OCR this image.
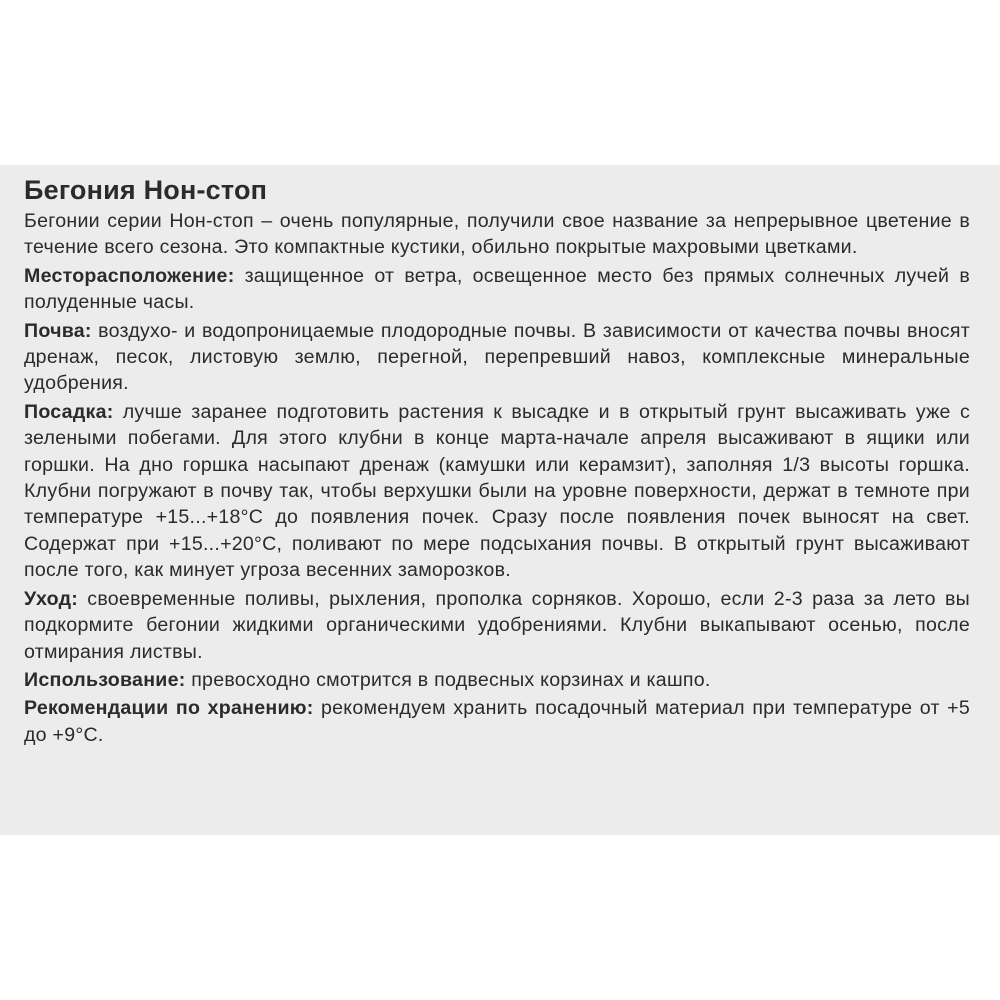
Бегония Нон-стоп
Бегонии серии Нон-стоп – очень популярные, получили свое название за непрерывное цветение в течение всего сезона. Это компактные кустики, обильно покрытые махровыми цветками.
Месторасположение: защищенное от ветра, освещенное место без прямых солнечных лучей в полуденные часы.
Почва: воздухо- и водопроницаемые плодородные почвы. В зависимости от качества почвы вносят дренаж, песок, листовую землю, перегной, перепревший навоз, комплексные минеральные удобрения.
Посадка: лучше заранее подготовить растения к высадке и в открытый грунт высаживать уже с зелеными побегами. Для этого клубни в конце марта-начале апреля высаживают в ящики или горшки. На дно горшка насыпают дренаж (камушки или керамзит), заполняя 1/3 высоты горшка. Клубни погружают в почву так, чтобы верхушки были на уровне поверхности, держат в темноте при температуре +15...+18°С до появления почек. Сразу после появления почек выносят на свет. Содержат при +15...+20°С, поливают по мере подсыхания почвы. В открытый грунт высаживают после того, как минует угроза весенних заморозков.
Уход: своевременные поливы, рыхления, прополка сорняков. Хорошо, если 2-3 раза за лето вы подкормите бегонии жидкими органическими удобрениями. Клубни выкапывают осенью, после отмирания листвы.
Использование: превосходно смотрится в подвесных корзинах и кашпо.
Рекомендации по хранению: рекомендуем хранить посадочный материал при температуре от +5 до +9°С.
